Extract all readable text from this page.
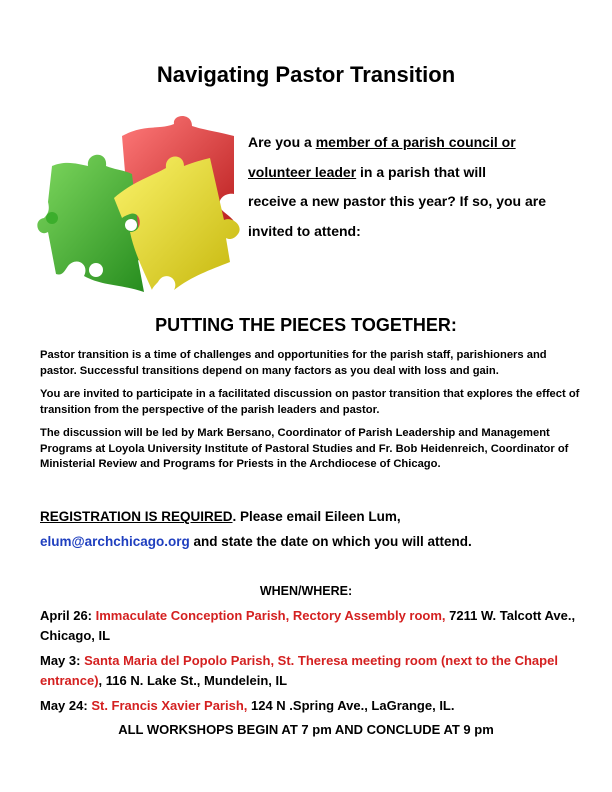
Navigating Pastor Transition
Are you a member of a parish council or
volunteer leader in a parish that will
receive a new pastor this year? If so, you are
invited to attend:
PUTTING THE PIECES TOGETHER:

Pastor transition is a time of challenges and opportunities for the parish staff, parishioners and pastor. Successful transitions depend on many factors as you deal with loss and gain.

You are invited to participate in a facilitated discussion on pastor transition that explores the effect of transition from the perspective of the parish leaders and pastor.

The discussion will be led by Mark Bersano, Coordinator of Parish Leadership and Management Programs at Loyola University Institute of Pastoral Studies and Fr. Bob Heidenreich, Coordinator of Ministerial Review and Programs for Priests in the Archdiocese of Chicago.

REGISTRATION IS REQUIRED. Please email Eileen Lum,
elum@archchicago.org and state the date on which you will attend.
WHEN/WHERE:

April 26: Immaculate Conception Parish, Rectory Assembly room, 7211 W. Talcott Ave., Chicago, IL

May 3: Santa Maria del Popolo Parish, St. Theresa meeting room (next to the Chapel entrance), 116 N. Lake St., Mundelein, IL

May 24: St. Francis Xavier Parish, 124 N .Spring Ave., LaGrange, IL.

ALL WORKSHOPS BEGIN AT 7 pm AND CONCLUDE AT 9 pm
